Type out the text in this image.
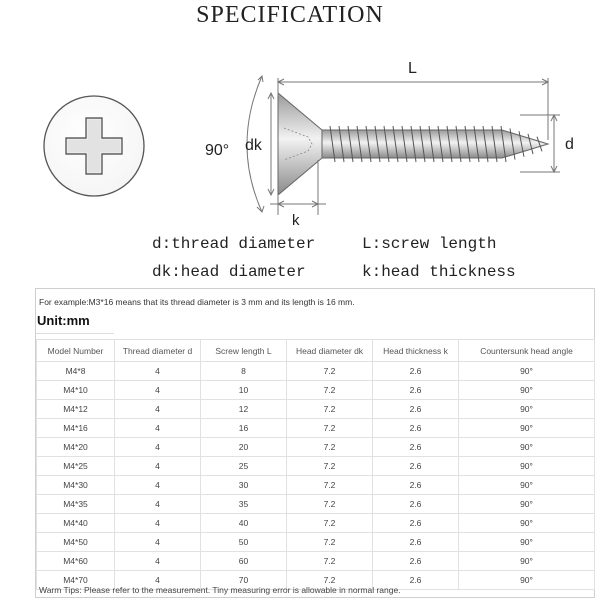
SPECIFICATION
90° dk
L
d
k
d:thread diameter	L:screw length
dk:head diameter	k:head thickness
For example:M3*16 means that its thread diameter is 3 mm and its length is 16 mm.
Unit:mm
Model Number	Thread diameter d	Screw length L	Head diameter dk	Head thickness k	Countersunk head angle
M4*8	4	8	7.2	2.6	90°
M4*10	4	10	7.2	2.6	90°
M4*12	4	12	7.2	2.6	90°
M4*16	4	16	7.2	2.6	90°
M4*20	4	20	7.2	2.6	90°
M4*25	4	25	7.2	2.6	90°
M4*30	4	30	7.2	2.6	90°
M4*35	4	35	7.2	2.6	90°
M4*40	4	40	7.2	2.6	90°
M4*50	4	50	7.2	2.6	90°
M4*60	4	60	7.2	2.6	90°
M4*70	4	70	7.2	2.6	90°
Warm Tips: Please refer to the measurement. Tiny measuring error is allowable in normal range.
